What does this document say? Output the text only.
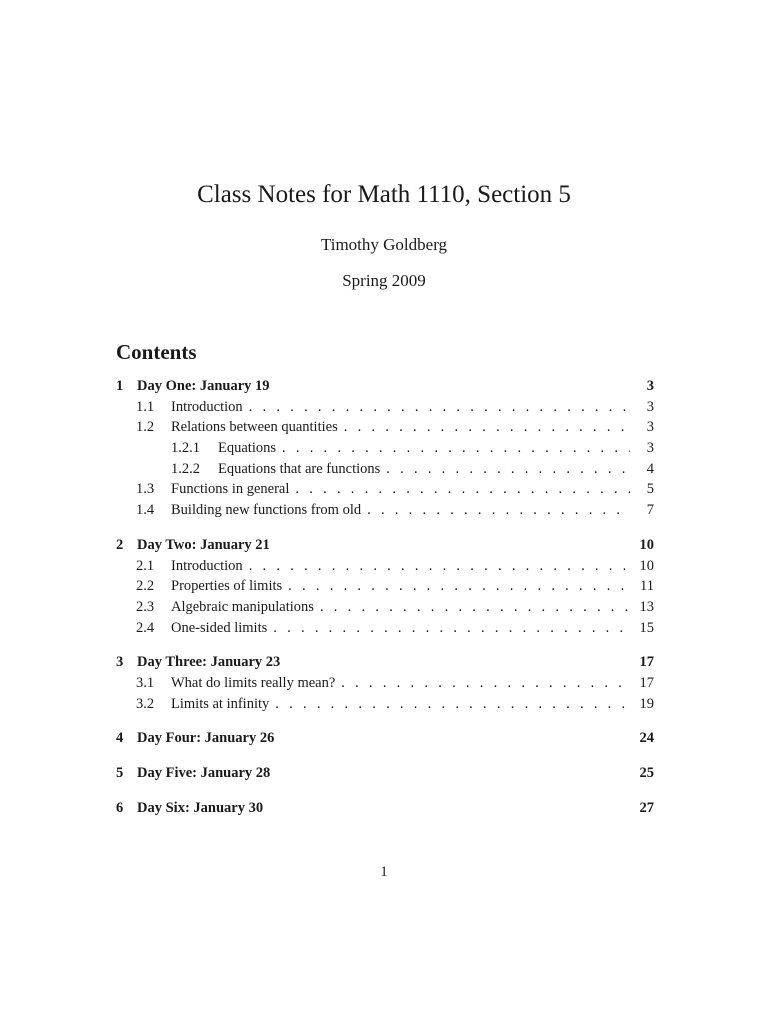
Class Notes for Math 1110, Section 5
Timothy Goldberg
Spring 2009
Contents
1 Day One: January 19	3
1.1	Introduction . . .	3
1.2	Relations between quantities . . .	3
1.2.1	Equations . . .	3
1.2.2	Equations that are functions . . .	4
1.3	Functions in general . . .	5
1.4	Building new functions from old . . .	7
2 Day Two: January 21	10
2.1	Introduction . . .	10
2.2	Properties of limits . . .	11
2.3	Algebraic manipulations . . .	13
2.4	One-sided limits . . .	15
3 Day Three: January 23	17
3.1	What do limits really mean? . . .	17
3.2	Limits at infinity . . .	19
4 Day Four: January 26	24
5 Day Five: January 28	25
6 Day Six: January 30	27
1
